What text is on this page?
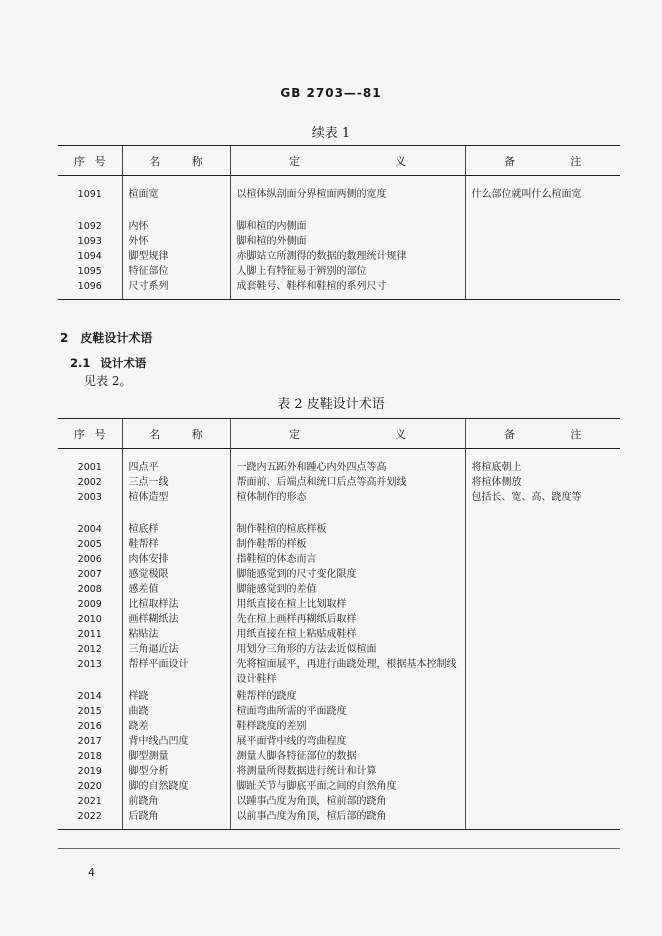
GB 2703—-81
续表 1
序 号	名 称	定 义	备 注

1091	楦面宽	以楦体纵剖面分界楦面两侧的宽度	什么部位就叫什么楦面宽
1092	内怀	脚和楦的内侧面	
1093	外怀	脚和楦的外侧面	
1094	脚型规律	赤脚站立所测得的数据的数理统计规律	
1095	特征部位	人脚上有特征易于辨别的部位	
1096	尺寸系列	成套鞋号、鞋样和鞋楦的系列尺寸	
2 皮鞋设计术语
2.1 设计术语
见表 2。
表 2 皮鞋设计术语
序 号	名 称	定 义	备 注

2001	四点平	一跷内五跖外和踵心内外四点等高	将楦底朝上
2002	三点一线	帮面前、后端点和统口后点等高并划线	将楦体侧放
2003	楦体造型	楦体制作的形态	包括长、宽、高、跷度等
2004	楦底样	制作鞋楦的楦底样板	
2005	鞋帮样	制作鞋帮的样板	
2006	肉体安排	指鞋楦的体态而言	
2007	感觉极限	脚能感觉到的尺寸变化限度	
2008	感差值	脚能感觉到的差值	
2009	比楦取样法	用纸直接在楦上比划取样	
2010	画样糊纸法	先在楦上画样再糊纸后取样	
2011	粘贴法	用纸直接在楦上粘贴成鞋样	
2012	三角逼近法	用划分三角形的方法去近似楦面	
2013	帮样平面设计	先将楦面展平，再进行曲跷处理，根据基本控制线设计鞋样	
2014	样跷	鞋帮样的跷度	
2015	曲跷	楦面弯曲所需的平面跷度	
2016	跷差	鞋样跷度的差别	
2017	背中线凸凹度	展平面背中线的弯曲程度	
2018	脚型测量	测量人脚各特征部位的数据	
2019	脚型分析	将测量所得数据进行统计和计算	
2020	脚的自然跷度	脚趾关节与脚底平面之间的自然角度	
2021	前跷角	以踵事凸度为角顶，楦前部的跷角	
2022	后跷角	以前事凸度为角顶，楦后部的跷角	
4
